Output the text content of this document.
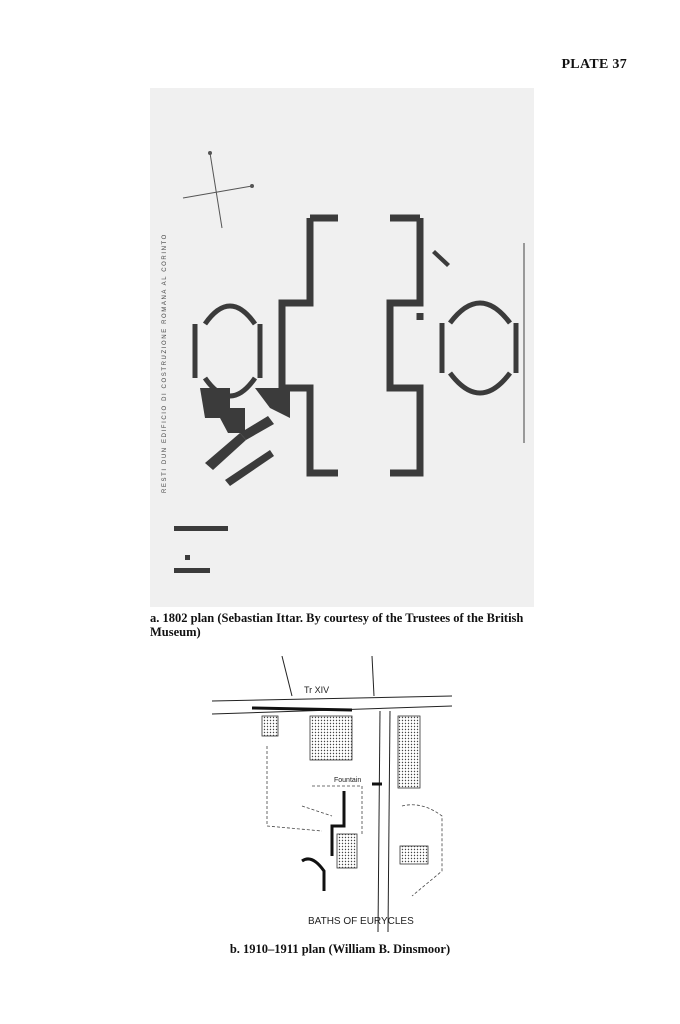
PLATE 37
RESTI DUN EDIFICIO DI COSTRUZIONE ROMANA AL CORINTO
a. 1802 plan (Sebastian Ittar. By courtesy of the Trustees of the British Museum)
Tr XIV
Fountain
BATHS OF EURYCLES
b. 1910–1911 plan (William B. Dinsmoor)
